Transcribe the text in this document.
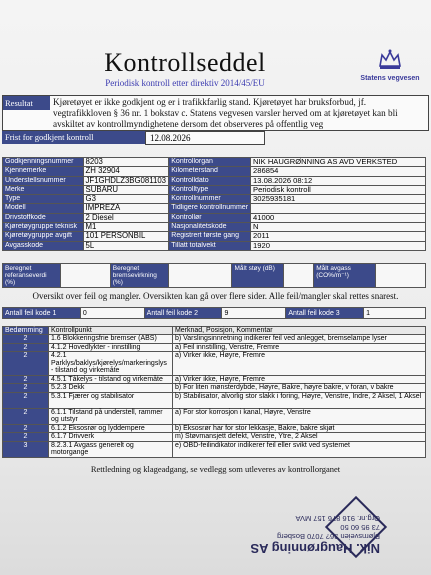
Kontrollseddel
Periodisk kontroll etter direktiv 2014/45/EU	Statens vegvesen
Resultat	Kjøretøyet er ikke godkjent og er i trafikkfarlig stand. Kjøretøyet har bruksforbud, jf. vegtrafikkloven § 36 nr. 1 bokstav c. Statens vegvesen varsler herved om at kjøretøyet kan bli avskiltet av kontrollmyndighetene dersom det observeres på offentlig veg
Frist for godkjent kontroll	12.08.2026
Godkjenningsnummer	8203	Kontrollorgan	NIK HAUGRØNNING AS AVD VERKSTED
Kjennemerke	ZH 32904	Kilometerstand	286854
Understellsnummer	JF1GHDLZ3BG081103	Kontrolldato	13.08.2026 08:12
Merke	SUBARU	Kontrolltype	Periodisk kontroll
Type	G3	Kontrollnummer	3025935181
Modell	IMPREZA	Tidligere kontrollnummer	
Drivstoffkode	2 Diesel	Kontrollør	41000
Kjøretøygruppe teknisk	M1	Nasjonalitetskode	N
Kjøretøygruppe avgift	101 PERSONBIL	Registrert første gang	2011
Avgasskode	5L	Tillatt totalvekt	1920
Beregnet referanseverdi (%)		Beregnet bremsevirkning (%)		Målt støy (dB)		Målt avgass (CO%/m⁻¹)	
Oversikt over feil og mangler. Oversikten kan gå over flere sider. Alle feil/mangler skal rettes snarest.
Antall feil kode 1	0	Antall feil kode 2	9	Antall feil kode 3	1
Bedømming	Kontrollpunkt	Merknad, Posisjon, Kommentar
2	1.6 Blokkeringsfrie bremser (ABS)	b) Varslingsinnretning indikerer feil ved anlegget, bremselampe lyser
2	4.1.2 Hovedlykter - innstilling	a) Feil innstilling, Venstre, Fremre
2	4.2.1 Parklys/baklys/kjørelys/markeringslys - tilstand og virkemåte	a) Virker ikke, Høyre, Fremre
2	4.5.1 Tåkelys - tilstand og virkemåte	a) Virker ikke, Høyre, Fremre
2	5.2.3 Dekk	b) For liten mønsterdybde, Høyre, Bakre, høyre bakre, v foran, v bakre
2	5.3.1 Fjærer og stabilisator	b) Stabilisator, alvorlig stor slakk i foring, Høyre, Venstre, Indre, 2 Aksel, 1 Aksel
2	6.1.1 Tilstand på understell, rammer og utstyr	a) For stor korrosjon i kanal, Høyre, Venstre
2	6.1.2 Eksosrør og lyddempere	b) Eksosrør har for stor lekkasje, Bakre, bakre skjøt
2	6.1.7 Drivverk	m) Støvmansjett defekt, Venstre, Ytre, 2 Aksel
3	8.2.3.1 Avgass generelt og motorgange	e) OBD-feilindikator indikerer feil eller svikt ved systemet
Rettledning og klageadgang, se vedlegg som utleveres av kontrollorganet
Nik. Haugrønning AS
Bjørnsveien 36? 7070 Bosberg
73 95 60 50
Org.nr. 916 876 157 MVA
